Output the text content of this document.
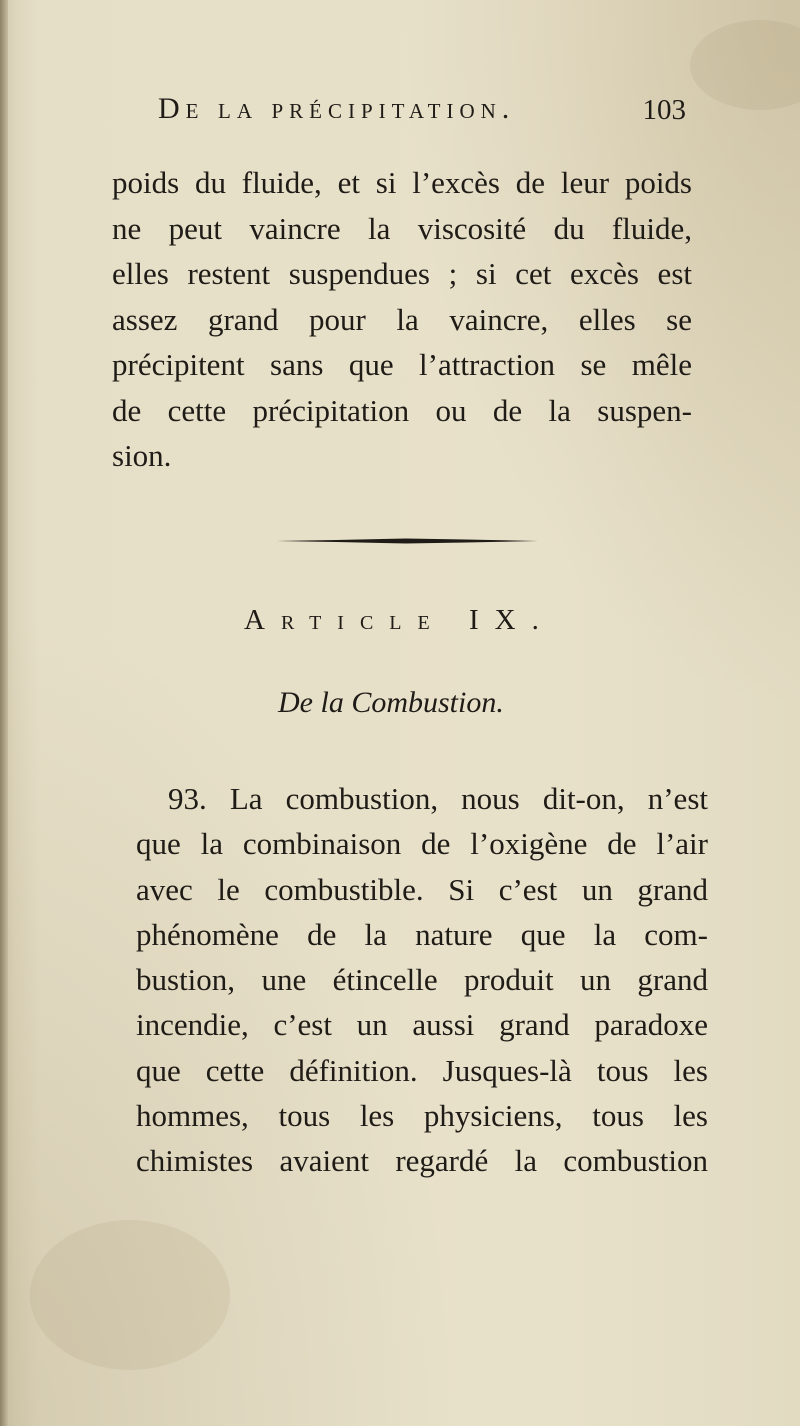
De la précipitation.	103
poids du fluide, et si l’excès de leur poids
ne peut vaincre la viscosité du fluide,
elles restent suspendues ; si cet excès est
assez grand pour la vaincre, elles se
précipitent sans que l’attraction se mêle
de cette précipitation ou de la suspen-
sion.
Article IX.
De la Combustion.
93. La combustion, nous dit-on, n’est
que la combinaison de l’oxigène de l’air
avec le combustible. Si c’est un grand
phénomène de la nature que la com-
bustion, une étincelle produit un grand
incendie, c’est un aussi grand paradoxe
que cette définition. Jusques-là tous les
hommes, tous les physiciens, tous les
chimistes avaient regardé la combustion
